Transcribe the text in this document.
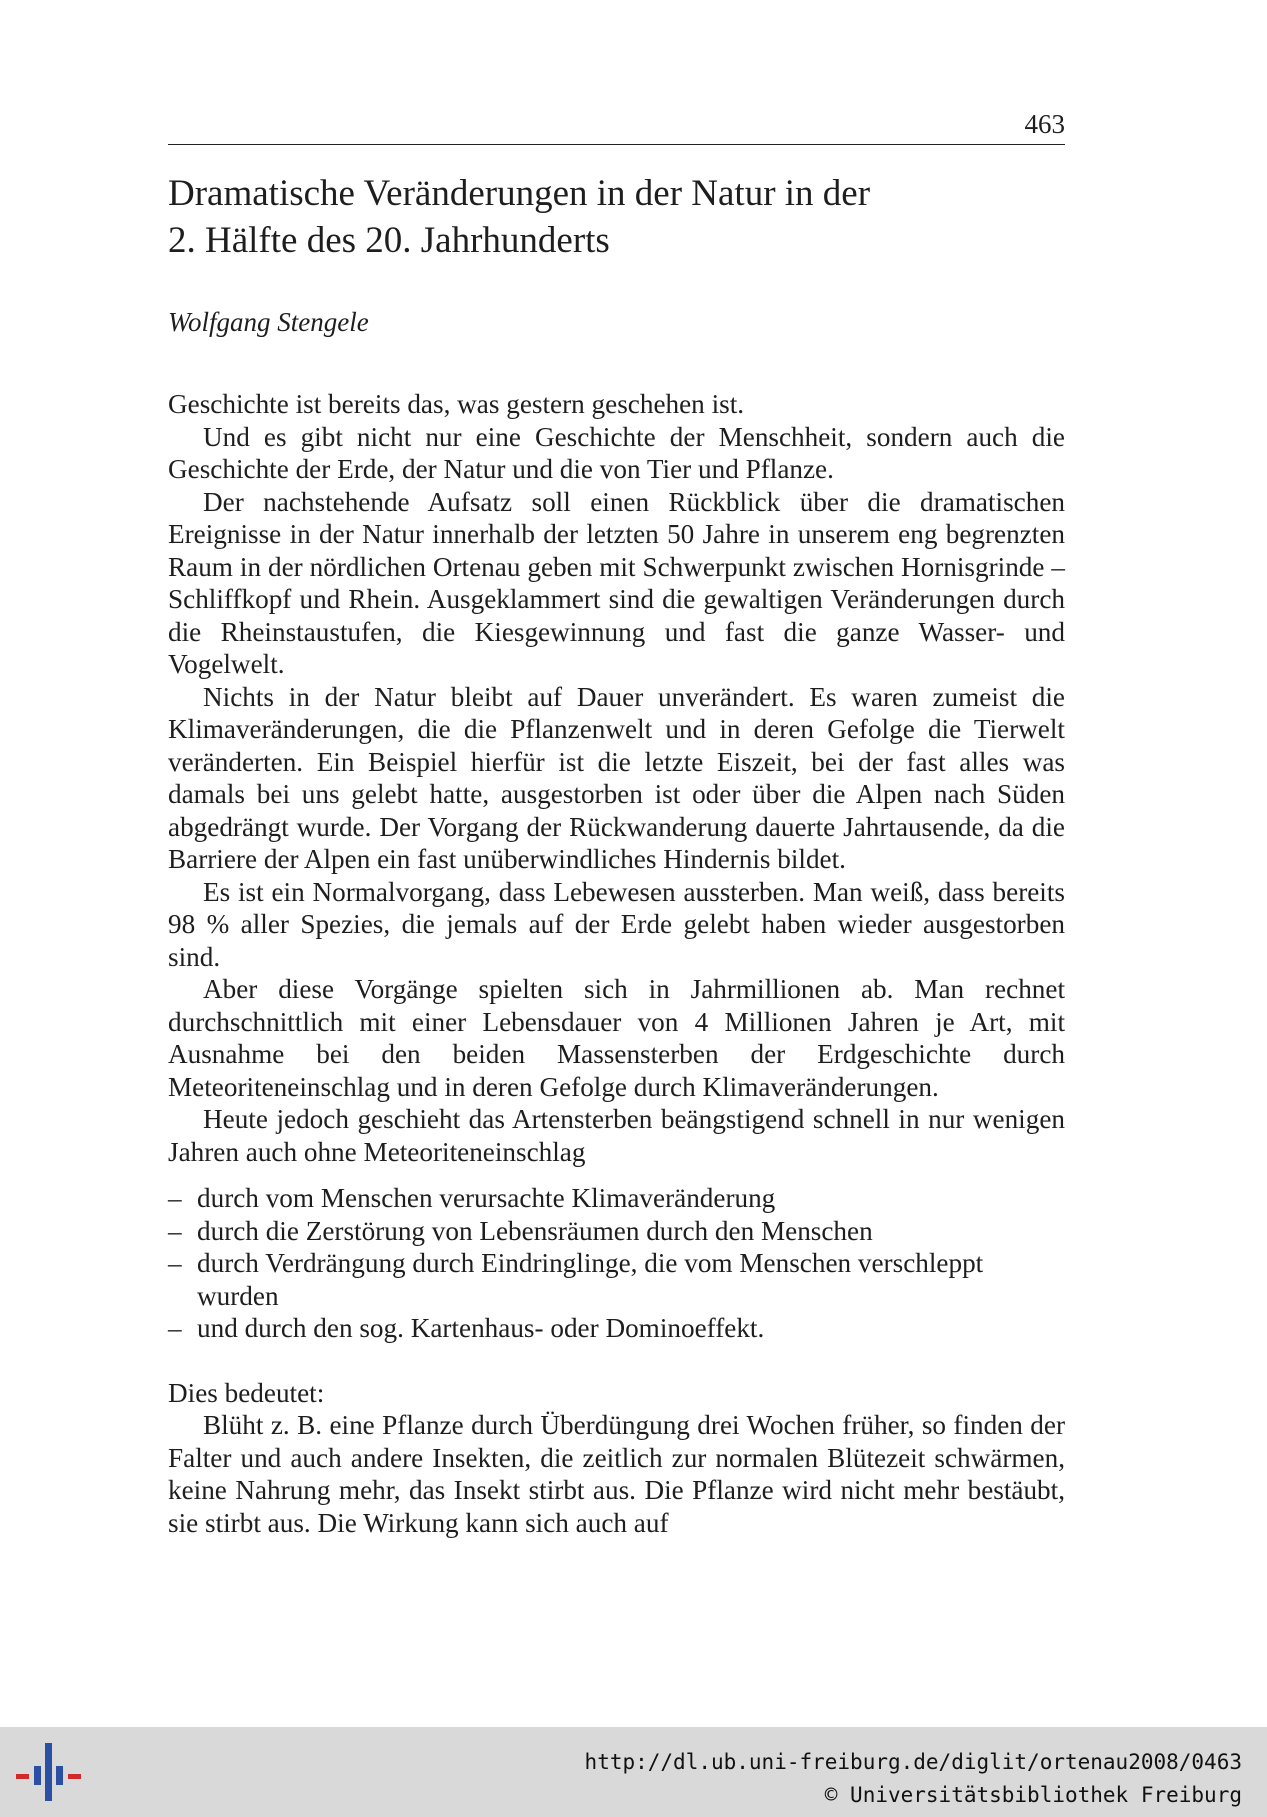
463
Dramatische Veränderungen in der Natur in der
2. Hälfte des 20. Jahrhunderts
Wolfgang Stengele

Geschichte ist bereits das, was gestern geschehen ist.

Und es gibt nicht nur eine Geschichte der Menschheit, sondern auch die Geschichte der Erde, der Natur und die von Tier und Pflanze.

Der nachstehende Aufsatz soll einen Rückblick über die dramatischen Ereignisse in der Natur innerhalb der letzten 50 Jahre in unserem eng begrenzten Raum in der nördlichen Ortenau geben mit Schwerpunkt zwischen Hornisgrinde – Schliffkopf und Rhein. Ausgeklammert sind die gewaltigen Veränderungen durch die Rheinstaustufen, die Kiesgewinnung und fast die ganze Wasser- und Vogelwelt.

Nichts in der Natur bleibt auf Dauer unverändert. Es waren zumeist die Klimaveränderungen, die die Pflanzenwelt und in deren Gefolge die Tierwelt veränderten. Ein Beispiel hierfür ist die letzte Eiszeit, bei der fast alles was damals bei uns gelebt hatte, ausgestorben ist oder über die Alpen nach Süden abgedrängt wurde. Der Vorgang der Rückwanderung dauerte Jahrtausende, da die Barriere der Alpen ein fast unüberwindliches Hindernis bildet.

Es ist ein Normalvorgang, dass Lebewesen aussterben. Man weiß, dass bereits 98 % aller Spezies, die jemals auf der Erde gelebt haben wieder ausgestorben sind.

Aber diese Vorgänge spielten sich in Jahrmillionen ab. Man rechnet durchschnittlich mit einer Lebensdauer von 4 Millionen Jahren je Art, mit Ausnahme bei den beiden Massensterben der Erdgeschichte durch Meteoriteneinschlag und in deren Gefolge durch Klimaveränderungen.

Heute jedoch geschieht das Artensterben beängstigend schnell in nur wenigen Jahren auch ohne Meteoriteneinschlag

– durch vom Menschen verursachte Klimaveränderung
– durch die Zerstörung von Lebensräumen durch den Menschen
– durch Verdrängung durch Eindringlinge, die vom Menschen verschleppt wurden
– und durch den sog. Kartenhaus- oder Dominoeffekt.

Dies bedeutet:

Blüht z. B. eine Pflanze durch Überdüngung drei Wochen früher, so finden der Falter und auch andere Insekten, die zeitlich zur normalen Blütezeit schwärmen, keine Nahrung mehr, das Insekt stirbt aus. Die Pflanze wird nicht mehr bestäubt, sie stirbt aus. Die Wirkung kann sich auch auf

http://dl.ub.uni-freiburg.de/diglit/ortenau2008/0463
© Universitätsbibliothek Freiburg
